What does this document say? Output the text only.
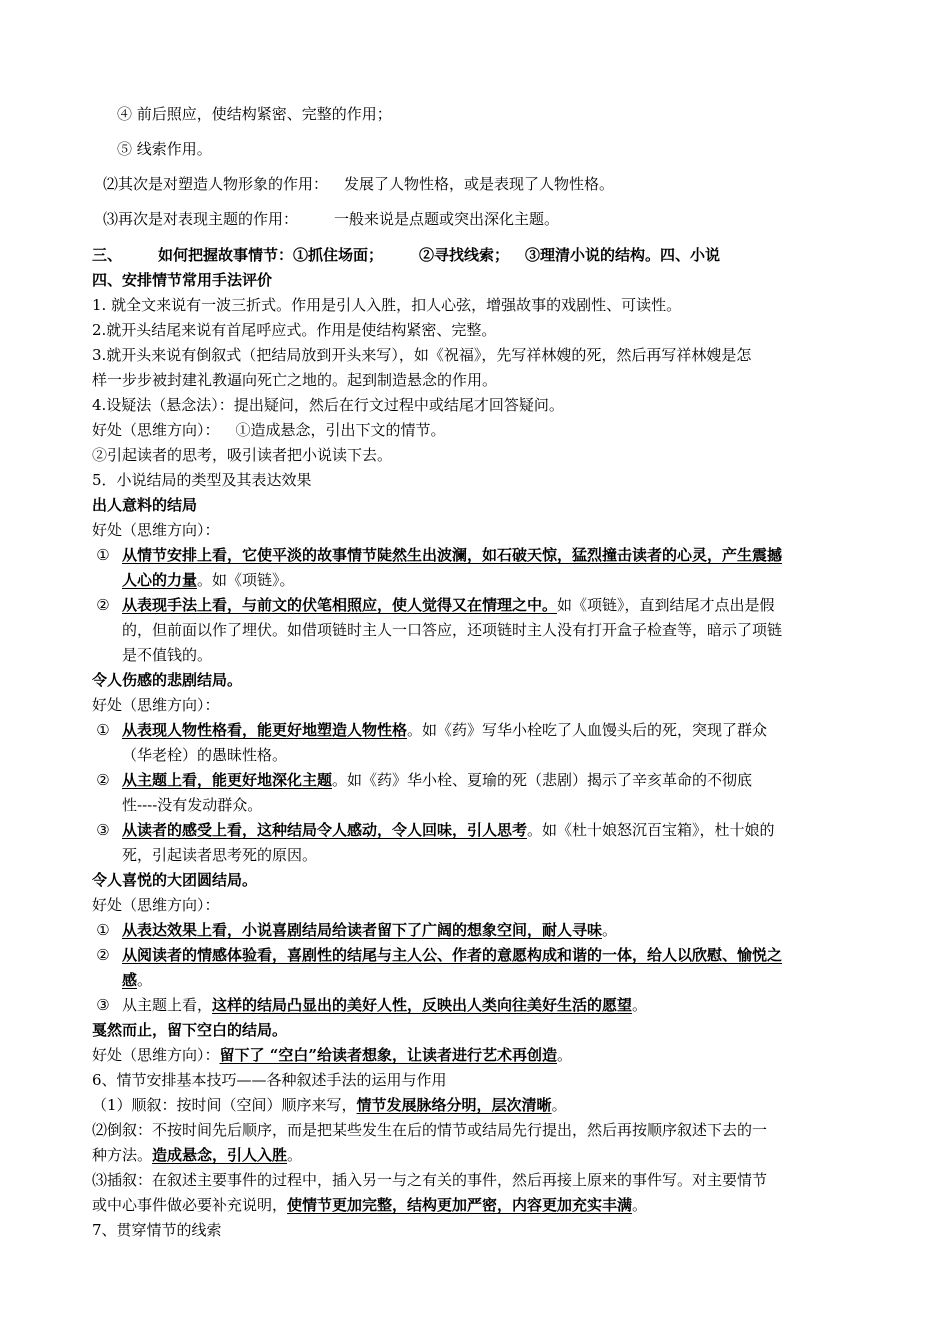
④ 前后照应，使结构紧密、完整的作用；
⑤ 线索作用。
⑵其次是对塑造人物形象的作用： 发展了人物性格，或是表现了人物性格。
⑶再次是对表现主题的作用： 一般来说是点题或突出深化主题。
三、 如何把握故事情节：①抓住场面； ②寻找线索； ③理清小说的结构。四、小说
四、安排情节常用手法评价
1. 就全文来说有一波三折式。作用是引人入胜，扣人心弦，增强故事的戏剧性、可读性。
2.就开头结尾来说有首尾呼应式。作用是使结构紧密、完整。
3.就开头来说有倒叙式（把结局放到开头来写），如《祝福》，先写祥林嫂的死，然后再写祥林嫂是怎
样一步步被封建礼教逼向死亡之地的。起到制造悬念的作用。
4.设疑法（悬念法）：提出疑问，然后在行文过程中或结尾才回答疑问。
好处（思维方向）： ①造成悬念，引出下文的情节。
②引起读者的思考，吸引读者把小说读下去。
5．小说结局的类型及其表达效果
出人意料的结局
好处（思维方向）：
① 从情节安排上看，它使平淡的故事情节陡然生出波澜，如石破天惊，猛烈撞击读者的心灵，产生震撼
人心的力量。如《项链》。
② 从表现手法上看，与前文的伏笔相照应，使人觉得又在情理之中。如《项链》，直到结尾才点出是假
的，但前面以作了埋伏。如借项链时主人一口答应，还项链时主人没有打开盒子检查等，暗示了项链
是不值钱的。
令人伤感的悲剧结局。
好处（思维方向）：
① 从表现人物性格看，能更好地塑造人物性格。如《药》写华小栓吃了人血馒头后的死，突现了群众
（华老栓）的愚昧性格。
② 从主题上看，能更好地深化主题。如《药》华小栓、夏瑜的死（悲剧）揭示了辛亥革命的不彻底
性----没有发动群众。
③ 从读者的感受上看，这种结局令人感动，令人回味，引人思考。如《杜十娘怒沉百宝箱》，杜十娘的
死，引起读者思考死的原因。
令人喜悦的大团圆结局。
好处（思维方向）：
① 从表达效果上看，小说喜剧结局给读者留下了广阔的想象空间，耐人寻味。
② 从阅读者的情感体验看，喜剧性的结尾与主人公、作者的意愿构成和谐的一体，给人以欣慰、愉悦之
感。
③ 从主题上看，这样的结局凸显出的美好人性，反映出人类向往美好生活的愿望。
戛然而止，留下空白的结局。
好处（思维方向）：留下了 “空白”给读者想象，让读者进行艺术再创造。
6、情节安排基本技巧——各种叙述手法的运用与作用
（1）顺叙：按时间（空间）顺序来写，情节发展脉络分明，层次清晰。
⑵倒叙：不按时间先后顺序，而是把某些发生在后的情节或结局先行提出，然后再按顺序叙述下去的一
种方法。造成悬念，引人入胜。
⑶插叙：在叙述主要事件的过程中，插入另一与之有关的事件，然后再接上原来的事件写。对主要情节
或中心事件做必要补充说明，使情节更加完整，结构更加严密，内容更加充实丰满。
7、贯穿情节的线索
